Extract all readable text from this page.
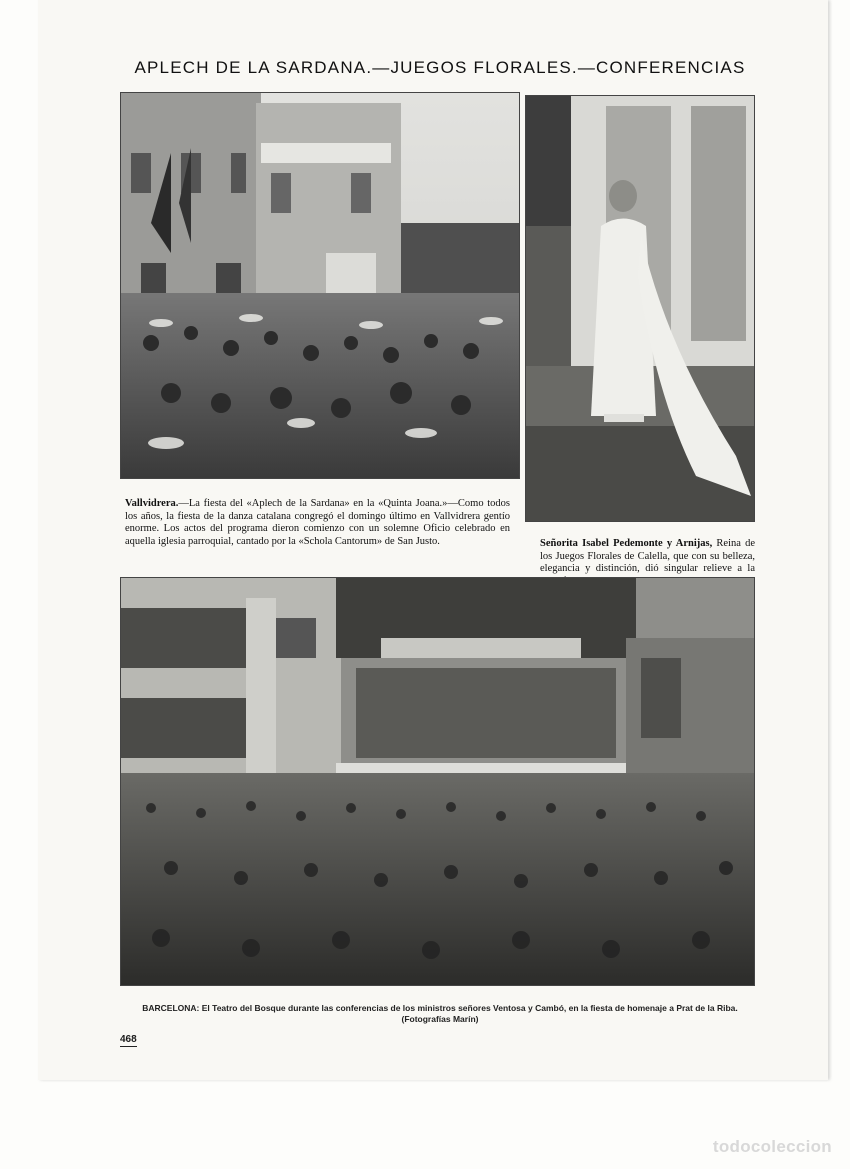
APLECH DE LA SARDANA.—JUEGOS FLORALES.—CONFERENCIAS
Vallvidrera.—La fiesta del «Aplech de la Sardana» en la «Quinta Joana.»—Como todos los años, la fiesta de la danza catalana congregó el domingo último en Vallvidrera gentío enorme. Los actos del programa dieron comienzo con un solemne Oficio celebrado en aquella iglesia parroquial, cantado por la «Schola Cantorum» de San Justo.	Señorita Isabel Pedemonte y Arnijas, Reina de los Juegos Florales de Calella, que con su belleza, elegancia y distinción, dió singular relieve a la
BARCELONA: El Teatro del Bosque durante las conferencias de los ministros señores Ventosa y Cambó, en la fiesta de homenaje a Prat de la Riba. (Fotografías Marín)
468
todocoleccion
